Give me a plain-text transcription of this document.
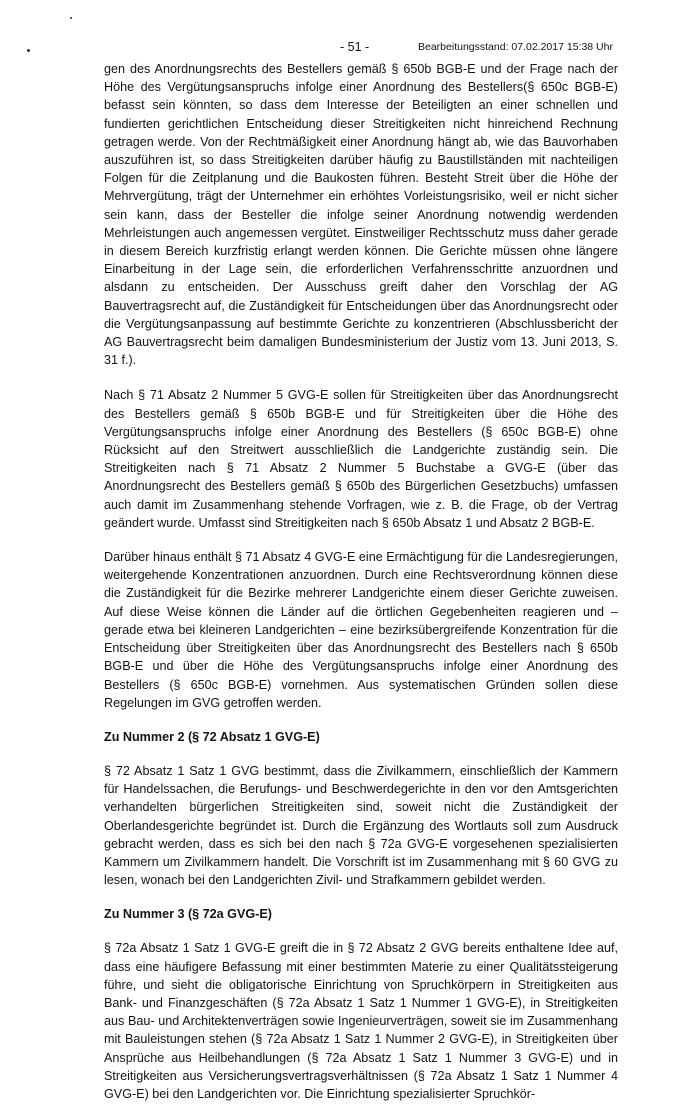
- 51 -	Bearbeitungsstand: 07.02.2017 15:38 Uhr

gen des Anordnungsrechts des Bestellers gemäß § 650b BGB-E und der Frage nach der Höhe des Vergütungsanspruchs infolge einer Anordnung des Bestellers(§ 650c BGB-E) befasst sein könnten, so dass dem Interesse der Beteiligten an einer schnellen und fundierten gerichtlichen Entscheidung dieser Streitigkeiten nicht hinreichend Rechnung getragen werde. Von der Rechtmäßigkeit einer Anordnung hängt ab, wie das Bauvorhaben auszuführen ist, so dass Streitigkeiten darüber häufig zu Baustillständen mit nachteiligen Folgen für die Zeitplanung und die Baukosten führen. Besteht Streit über die Höhe der Mehrvergütung, trägt der Unternehmer ein erhöhtes Vorleistungsrisiko, weil er nicht sicher sein kann, dass der Besteller die infolge seiner Anordnung notwendig werdenden Mehrleistungen auch angemessen vergütet. Einstweiliger Rechtsschutz muss daher gerade in diesem Bereich kurzfristig erlangt werden können. Die Gerichte müssen ohne längere Einarbeitung in der Lage sein, die erforderlichen Verfahrensschritte anzuordnen und alsdann zu entscheiden. Der Ausschuss greift daher den Vorschlag der AG Bauvertragsrecht auf, die Zuständigkeit für Entscheidungen über das Anordnungsrecht oder die Vergütungsanpassung auf bestimmte Gerichte zu konzentrieren (Abschlussbericht der AG Bauvertragsrecht beim damaligen Bundesministerium der Justiz vom 13. Juni 2013, S. 31 f.).

Nach § 71 Absatz 2 Nummer 5 GVG-E sollen für Streitigkeiten über das Anordnungsrecht des Bestellers gemäß § 650b BGB-E und für Streitigkeiten über die Höhe des Vergütungsanspruchs infolge einer Anordnung des Bestellers (§ 650c BGB-E) ohne Rücksicht auf den Streitwert ausschließlich die Landgerichte zuständig sein. Die Streitigkeiten nach § 71 Absatz 2 Nummer 5 Buchstabe a GVG-E (über das Anordnungsrecht des Bestellers gemäß § 650b des Bürgerlichen Gesetzbuchs) umfassen auch damit im Zusammenhang stehende Vorfragen, wie z. B. die Frage, ob der Vertrag geändert wurde. Umfasst sind Streitigkeiten nach § 650b Absatz 1 und Absatz 2 BGB-E.

Darüber hinaus enthält § 71 Absatz 4 GVG-E eine Ermächtigung für die Landesregierungen, weitergehende Konzentrationen anzuordnen. Durch eine Rechtsverordnung können diese die Zuständigkeit für die Bezirke mehrerer Landgerichte einem dieser Gerichte zuweisen. Auf diese Weise können die Länder auf die örtlichen Gegebenheiten reagieren und – gerade etwa bei kleineren Landgerichten – eine bezirksübergreifende Konzentration für die Entscheidung über Streitigkeiten über das Anordnungsrecht des Bestellers nach § 650b BGB-E und über die Höhe des Vergütungsanspruchs infolge einer Anordnung des Bestellers (§ 650c BGB-E) vornehmen. Aus systematischen Gründen sollen diese Regelungen im GVG getroffen werden.

Zu Nummer 2 (§ 72 Absatz 1 GVG-E)

§ 72 Absatz 1 Satz 1 GVG bestimmt, dass die Zivilkammern, einschließlich der Kammern für Handelssachen, die Berufungs- und Beschwerdegerichte in den vor den Amtsgerichten verhandelten bürgerlichen Streitigkeiten sind, soweit nicht die Zuständigkeit der Oberlandesgerichte begründet ist. Durch die Ergänzung des Wortlauts soll zum Ausdruck gebracht werden, dass es sich bei den nach § 72a GVG-E vorgesehenen spezialisierten Kammern um Zivilkammern handelt. Die Vorschrift ist im Zusammenhang mit § 60 GVG zu lesen, wonach bei den Landgerichten Zivil- und Strafkammern gebildet werden.

Zu Nummer 3 (§ 72a GVG-E)

§ 72a Absatz 1 Satz 1 GVG-E greift die in § 72 Absatz 2 GVG bereits enthaltene Idee auf, dass eine häufigere Befassung mit einer bestimmten Materie zu einer Qualitätssteigerung führe, und sieht die obligatorische Einrichtung von Spruchkörpern in Streitigkeiten aus Bank- und Finanzgeschäften (§ 72a Absatz 1 Satz 1 Nummer 1 GVG-E), in Streitigkeiten aus Bau- und Architektenverträgen sowie Ingenieurverträgen, soweit sie im Zusammenhang mit Bauleistungen stehen (§ 72a Absatz 1 Satz 1 Nummer 2 GVG-E), in Streitigkeiten über Ansprüche aus Heilbehandlungen (§ 72a Absatz 1 Satz 1 Nummer 3 GVG-E) und in Streitigkeiten aus Versicherungsvertragsverhältnissen (§ 72a Absatz 1 Satz 1 Nummer 4 GVG-E) bei den Landgerichten vor. Die Einrichtung spezialisierter Spruchkör-
